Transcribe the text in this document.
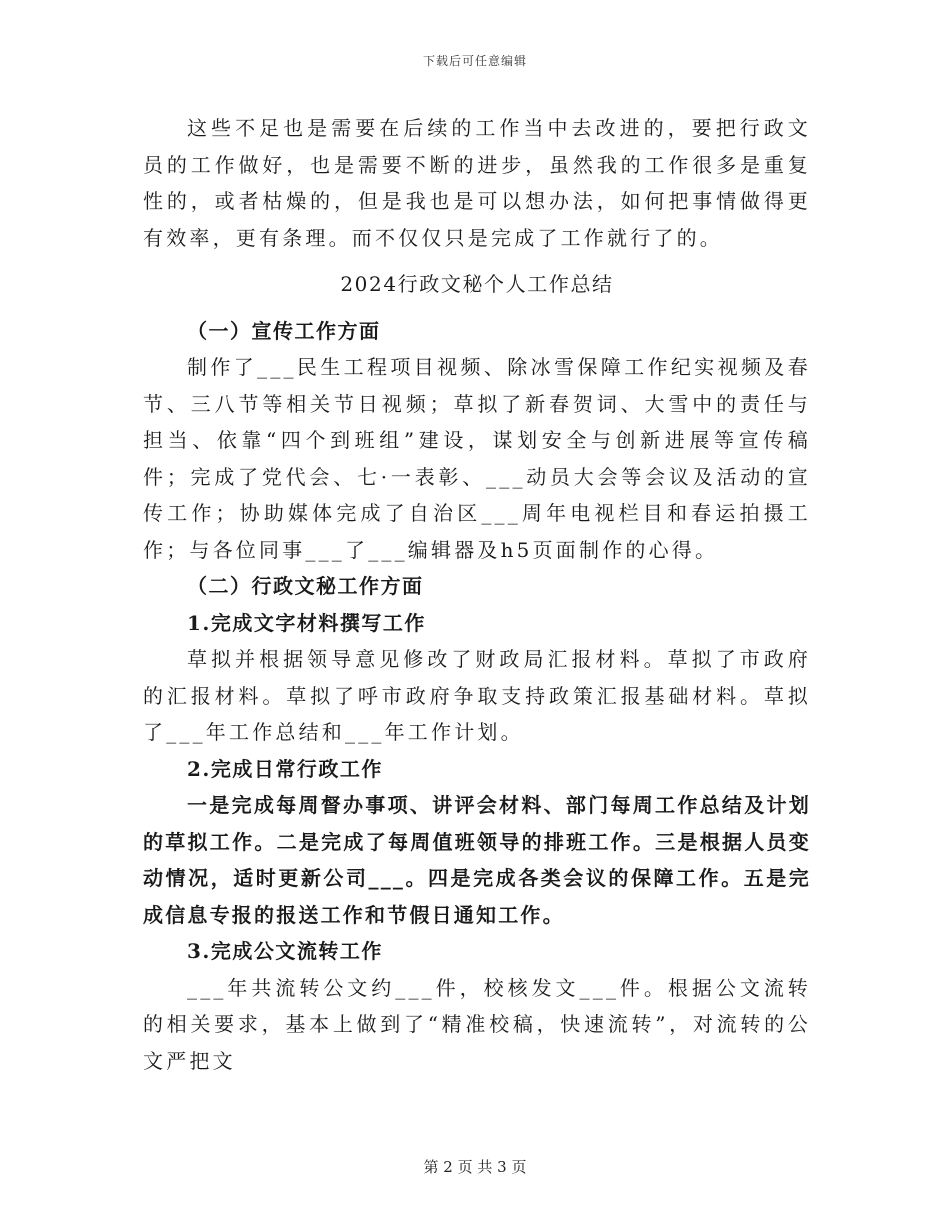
下载后可任意编辑

这些不足也是需要在后续的工作当中去改进的，要把行政文员的工作做好，也是需要不断的进步，虽然我的工作很多是重复性的，或者枯燥的，但是我也是可以想办法，如何把事情做得更有效率，更有条理。而不仅仅只是完成了工作就行了的。

2024行政文秘个人工作总结

（一）宣传工作方面

制作了___民生工程项目视频、除冰雪保障工作纪实视频及春节、三八节等相关节日视频；草拟了新春贺词、大雪中的责任与担当、依靠“四个到班组”建设，谋划安全与创新进展等宣传稿件；完成了党代会、七·一表彰、___动员大会等会议及活动的宣传工作；协助媒体完成了自治区___周年电视栏目和春运拍摄工作；与各位同事___了___编辑器及h5页面制作的心得。

（二）行政文秘工作方面

1.完成文字材料撰写工作

草拟并根据领导意见修改了财政局汇报材料。草拟了市政府的汇报材料。草拟了呼市政府争取支持政策汇报基础材料。草拟了___年工作总结和___年工作计划。

2.完成日常行政工作

一是完成每周督办事项、讲评会材料、部门每周工作总结及计划的草拟工作。二是完成了每周值班领导的排班工作。三是根据人员变动情况，适时更新公司___。四是完成各类会议的保障工作。五是完成信息专报的报送工作和节假日通知工作。

3.完成公文流转工作

___年共流转公文约___件，校核发文___件。根据公文流转的相关要求，基本上做到了“精准校稿，快速流转”，对流转的公文严把文

第 2 页 共 3 页
